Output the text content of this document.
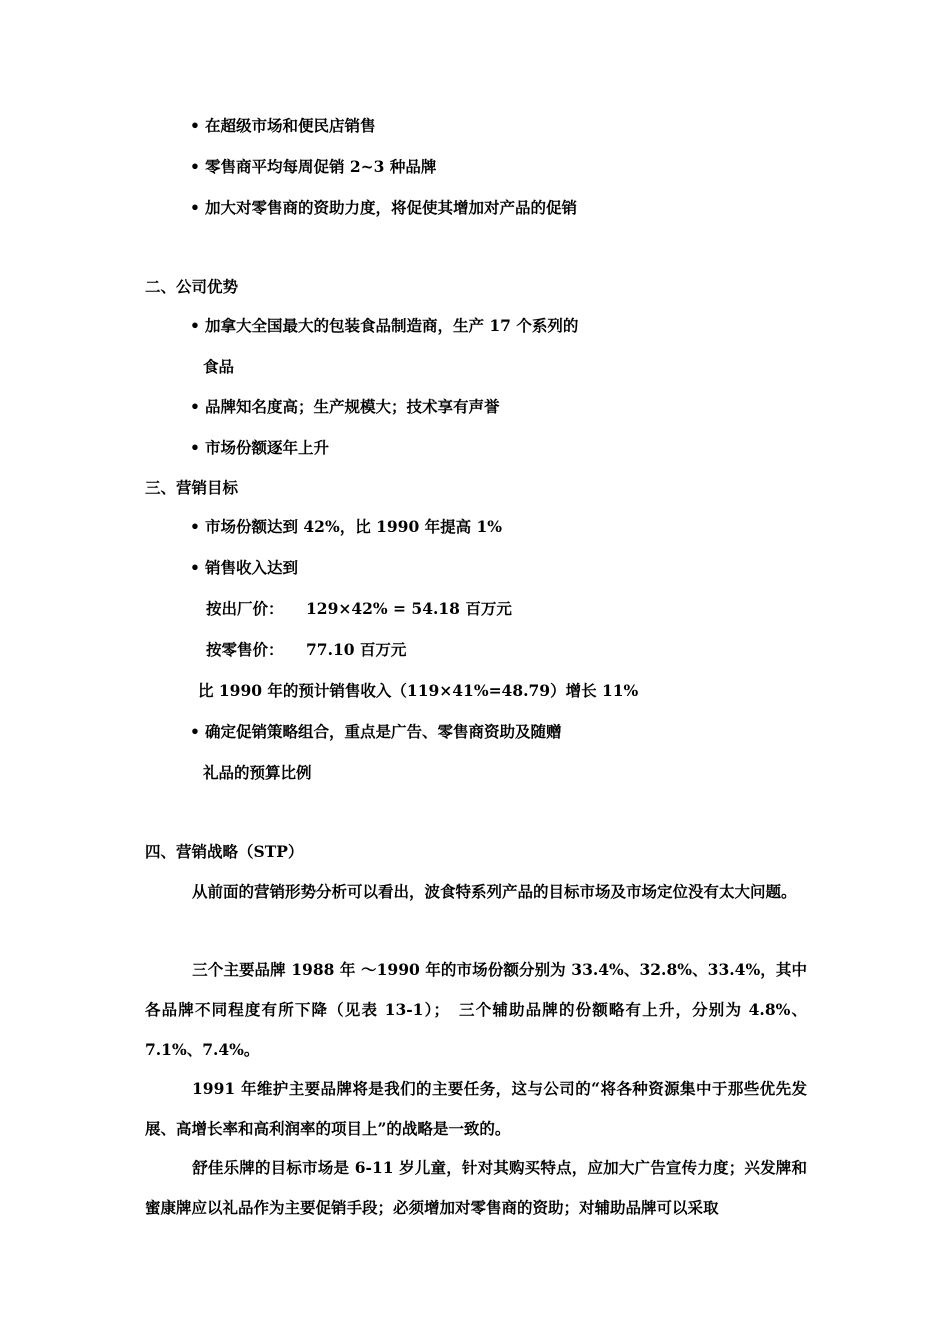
• 在超级市场和便民店销售
• 零售商平均每周促销 2~3 种品牌
• 加大对零售商的资助力度，将促使其增加对产品的促销
二、公司优势
• 加拿大全国最大的包装食品制造商，生产 17 个系列的
食品
• 品牌知名度高；生产规模大；技术享有声誉
• 市场份额逐年上升
三、营销目标
• 市场份额达到 42%，比 1990 年提高 1%
• 销售收入达到
按出厂价： 129×42% = 54.18 百万元
按零售价： 77.10 百万元
比 1990 年的预计销售收入（119×41%=48.79）增长 11%
• 确定促销策略组合，重点是广告、零售商资助及随赠
礼品的预算比例
四、营销战略（STP）
从前面的营销形势分析可以看出，波食特系列产品的目标市场及市场定位没有太大问题。
三个主要品牌 1988 年 ～1990 年的市场份额分别为 33.4%、32.8%、33.4%，其中各品牌不同程度有所下降（见表 13-1）；　三个辅助品牌的份额略有上升，分别为 4.8%、7.1%、7.4%。
1991 年维护主要品牌将是我们的主要任务，这与公司的“将各种资源集中于那些优先发展、高增长率和高利润率的项目上”的战略是一致的。
舒佳乐牌的目标市场是 6-11 岁儿童，针对其购买特点，应加大广告宣传力度；兴发牌和蜜康牌应以礼品作为主要促销手段；必须增加对零售商的资助；对辅助品牌可以采取
